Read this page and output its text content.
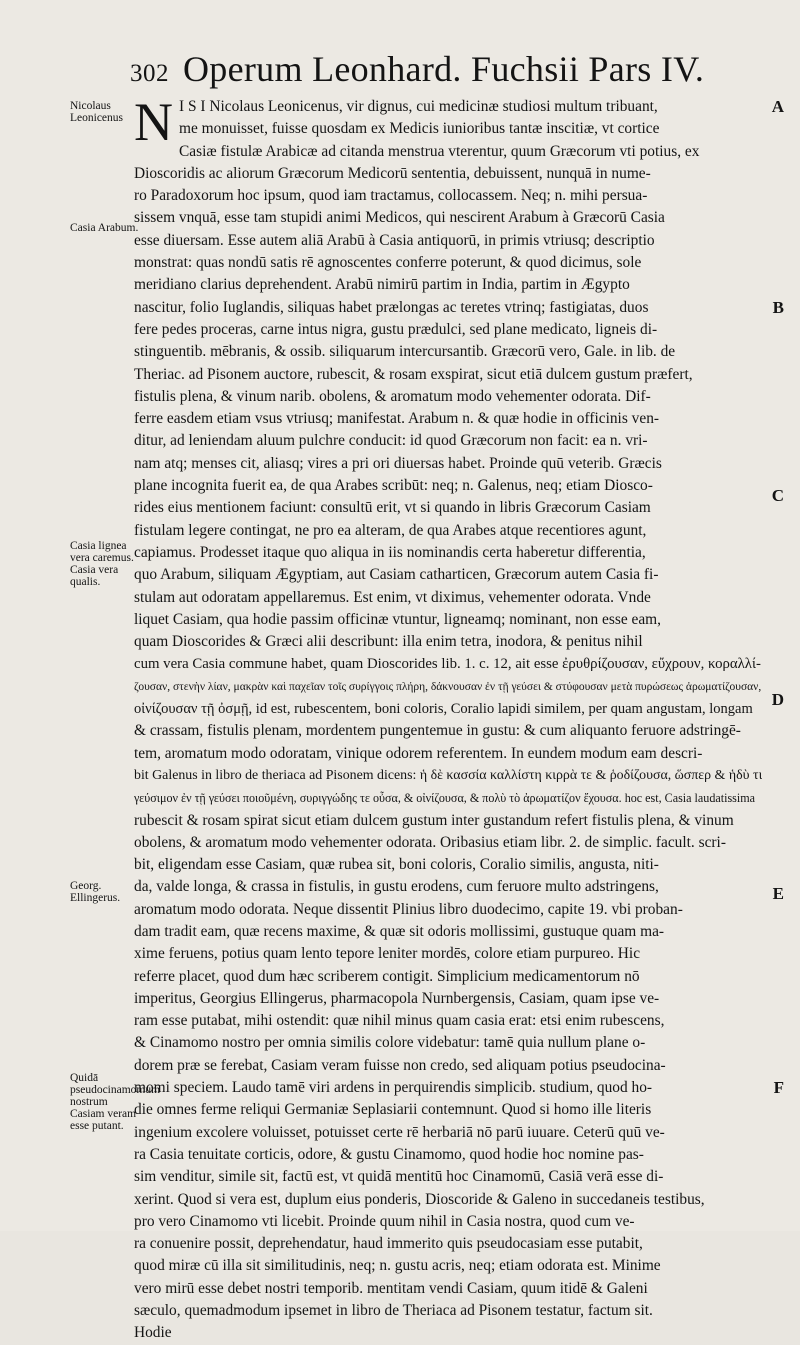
302 Operum Leonhard. Fuchsii Pars IV.
Nicolaus Leonicenus
Casia Arabum.
Casia lignea vera caremus. Casia vera qualis.
Georg. Ellingerus.
Quidā pseudocinamomum nostrum Casiam veram esse putant.
A
B
C
D
E
F
N I S I Nicolaus Leonicenus, vir dignus, cui medicinæ studiosi multum tribuant,
me monuisset, fuisse quosdam ex Medicis iunioribus tantæ inscitiæ, vt cortice
Casiæ fistulæ Arabicæ ad citanda menstrua vterentur, quum Græcorum vti potius, ex
Dioscoridis ac aliorum Græcorum Medicorū sententia, debuissent, nunquā in nume-
ro Paradoxorum hoc ipsum, quod iam tractamus, collocassem. Neq; n. mihi persua-
sissem vnquā, esse tam stupidi animi Medicos, qui nescirent Arabum à Græcorū Casia
esse diuersam. Esse autem aliā Arabū à Casia antiquorū, in primis vtriusq; descriptio
monstrat: quas nondū satis rē agnoscentes conferre poterunt, & quod dicimus, sole
meridiano clarius deprehendent. Arabū nimirū partim in India, partim in Ægypto
nascitur, folio Iuglandis, siliquas habet prælongas ac teretes vtrinq; fastigiatas, duos
fere pedes proceras, carne intus nigra, gustu prædulci, sed plane medicato, ligneis di-
stinguentib. mēbranis, & ossib. siliquarum intercursantib. Græcorū vero, Gale. in lib. de
Theriac. ad Pisonem auctore, rubescit, & rosam exspirat, sicut etiā dulcem gustum præfert,
fistulis plena, & vinum narib. obolens, & aromatum modo vehementer odorata. Dif-
ferre easdem etiam vsus vtriusq; manifestat. Arabum n. & quæ hodie in officinis ven-
ditur, ad leniendam aluum pulchre conducit: id quod Græcorum non facit: ea n. vri-
nam atq; menses cit, aliasq; vires a pri ori diuersas habet. Proinde quū veterib. Græcis
plane incognita fuerit ea, de qua Arabes scribūt: neq; n. Galenus, neq; etiam Diosco-
rides eius mentionem faciunt: consultū erit, vt si quando in libris Græcorum Casiam
fistulam legere contingat, ne pro ea alteram, de qua Arabes atque recentiores agunt,
capiamus. Prodesset itaque quo aliqua in iis nominandis certa haberetur differentia,
quo Arabum, siliquam Ægyptiam, aut Casiam catharticen, Græcorum autem Casia fi-
stulam aut odoratam appellaremus. Est enim, vt diximus, vehementer odorata. Vnde
liquet Casiam, qua hodie passim officinæ vtuntur, ligneamq; nominant, non esse eam,
quam Dioscorides & Græci alii describunt: illa enim tetra, inodora, & penitus nihil
cum vera Casia commune habet, quam Dioscorides lib. 1. c. 12, ait esse ἐρυθρίζουσαν, εὔχρουν, κοραλλί-
ζουσαν, στενὴν λίαν, μακρὰν καὶ παχεῖαν τοῖς συρίγγοις πλήρη, δάκνουσαν ἐν τῇ γεύσει & στύφουσαν μετὰ πυρώσεως ἀρωματίζουσαν,
οἰνίζουσαν τῇ ὀσμῇ, id est, rubescentem, boni coloris, Coralio lapidi similem, per quam angustam, longam
& crassam, fistulis plenam, mordentem pungentemue in gustu: & cum aliquanto feruore adstringē-
tem, aromatum modo odoratam, vinique odorem referentem. In eundem modum eam descri-
bit Galenus in libro de theriaca ad Pisonem dicens: ἡ δὲ κασσία καλλίστη κιρρὰ τε & ῥοδίζουσα, ὥσπερ & ἡδὺ τι
γεύσιμον ἐν τῇ γεύσει ποιοῦμένη, συριγγώδης τε οὖσα, & οἰνίζουσα, & πολὺ τὸ ἀρωματίζον ἔχουσα. hoc est, Casia laudatissima
rubescit & rosam spirat sicut etiam dulcem gustum inter gustandum refert fistulis plena, & vinum
obolens, & aromatum modo vehementer odorata. Oribasius etiam libr. 2. de simplic. facult. scri-
bit, eligendam esse Casiam, quæ rubea sit, boni coloris, Coralio similis, angusta, niti-
da, valde longa, & crassa in fistulis, in gustu erodens, cum feruore multo adstringens,
aromatum modo odorata. Neque dissentit Plinius libro duodecimo, capite 19. vbi proban-
dam tradit eam, quæ recens maxime, & quæ sit odoris mollissimi, gustuque quam ma-
xime feruens, potius quam lento tepore leniter mordēs, colore etiam purpureo. Hic
referre placet, quod dum hæc scriberem contigit. Simplicium medicamentorum nō
imperitus, Georgius Ellingerus, pharmacopola Nurnbergensis, Casiam, quam ipse ve-
ram esse putabat, mihi ostendit: quæ nihil minus quam casia erat: etsi enim rubescens,
& Cinamomo nostro per omnia similis colore videbatur: tamē quia nullum plane o-
dorem præ se ferebat, Casiam veram fuisse non credo, sed aliquam potius pseudocina-
momi speciem. Laudo tamē viri ardens in perquirendis simplicib. studium, quod ho-
die omnes ferme reliqui Germaniæ Seplasiarii contemnunt. Quod si homo ille literis
ingenium excolere voluisset, potuisset certe rē herbariā nō parū iuuare. Ceterū quū ve-
ra Casia tenuitate corticis, odore, & gustu Cinamomo, quod hodie hoc nomine pas-
sim venditur, simile sit, factū est, vt quidā mentitū hoc Cinamomū, Casiā verā esse di-
xerint. Quod si vera est, duplum eius ponderis, Dioscoride & Galeno in succedaneis testibus,
pro vero Cinamomo vti licebit. Proinde quum nihil in Casia nostra, quod cum ve-
ra conuenire possit, deprehendatur, haud immerito quis pseudocasiam esse putabit,
quod miræ cū illa sit similitudinis, neq; n. gustu acris, neq; etiam odorata est. Minime
vero mirū esse debet nostri temporib. mentitam vendi Casiam, quum itidē & Galeni
sæculo, quemadmodum ipsemet in libro de Theriaca ad Pisonem testatur, factum sit.
Hodie
